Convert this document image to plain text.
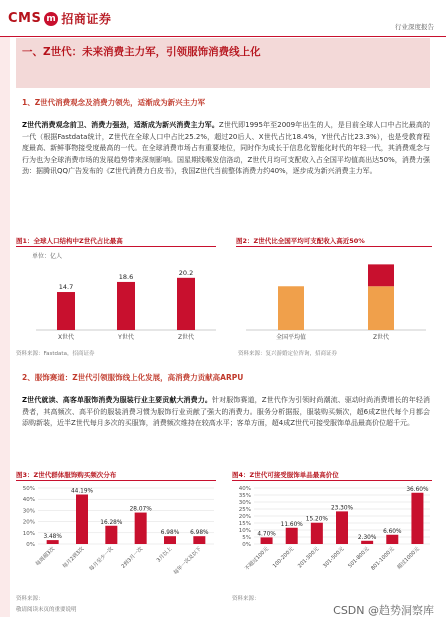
CMS m 招商证券
行业深度报告
一、Z世代：未来消费主力军，引领服饰消费线上化
1、Z世代消费观念及消费力领先，适渐成为新兴主力军
Z世代消费观念前卫、消费力强劲，适渐成为新兴消费主力军。Z世代即1995年至2009年出生的人，是目前全球人口中占比最高的一代（根据Fastdata统计，Z世代在全球人口中占比25.2%，超过20后人、X世代占比18.4%，Y世代占比23.3%），也是受教育程度最高、新鲜事物接受度最高的一代。在全球消费市场占有重要地位，同时作为成长于信息化智能化时代的年轻一代，其消费观念与行为也为全球消费市场的发展趋势带来深刻影响。国星期线喉发信洛动，Z世代月均可支配收入占全国平均值高出达50%，消费力强劲：据腾讯QQ广告发布的《Z世代消费力白皮书》，我国Z世代当前整体消费力约40%，逐步成为新兴消费主力军。
图1：全球人口结构中Z世代占比最高
单位：亿人
14.7
X世代
18.6
Y世代
20.2
Z世代
资料来源：Fastdata，招商证券
图2：Z世代比全国平均可支配收入高近50%
全国平均值	Z世代
资料来源：复兴游婚定位咨询，招商证券
2、服饰赛道：Z世代引领服饰线上化发展，高消费力贡献高ARPU
Z世代就读、高客单服饰消费为服装行业主要贡献大消费力。针对服饰赛道，Z世代作为引领时尚潮流、驱动时尚消费增长的年轻消费者，其高频次、高平价的服装消费习惯为服饰行业贡献了强大的消费力。服务分析据报，服装购买频次，超6成Z世代每个月都会添购新装，近半Z世代每月多次的买服饰，消费频次维持在较高水平；客单方面，超4成Z世代可接受服饰单品最高价位超千元。
图3：Z世代群体服饰购买频次分布
0%
10%
20%
30%
40%
50%
3.48%
每周超3次
44.19%
每月2到3次
16.28%
每月至少一次
28.07%
2到3月一次
6.98%
3月以上
6.98%
每年一次及以下
图4：Z世代可接受服饰单品最高价位
0%
5%
10%
15%
20%
25%
30%
35%
40%
4.70%
不超过100元
11.60%
100-200元
15.20%
201-300元
23.30%
301-500元
2.30%
501-800元
6.60%
801-1000元
36.60%
超过1000元
资料来源：	资料来源：
敬请阅读末页的重要说明	CSDN @趋势洞察库
